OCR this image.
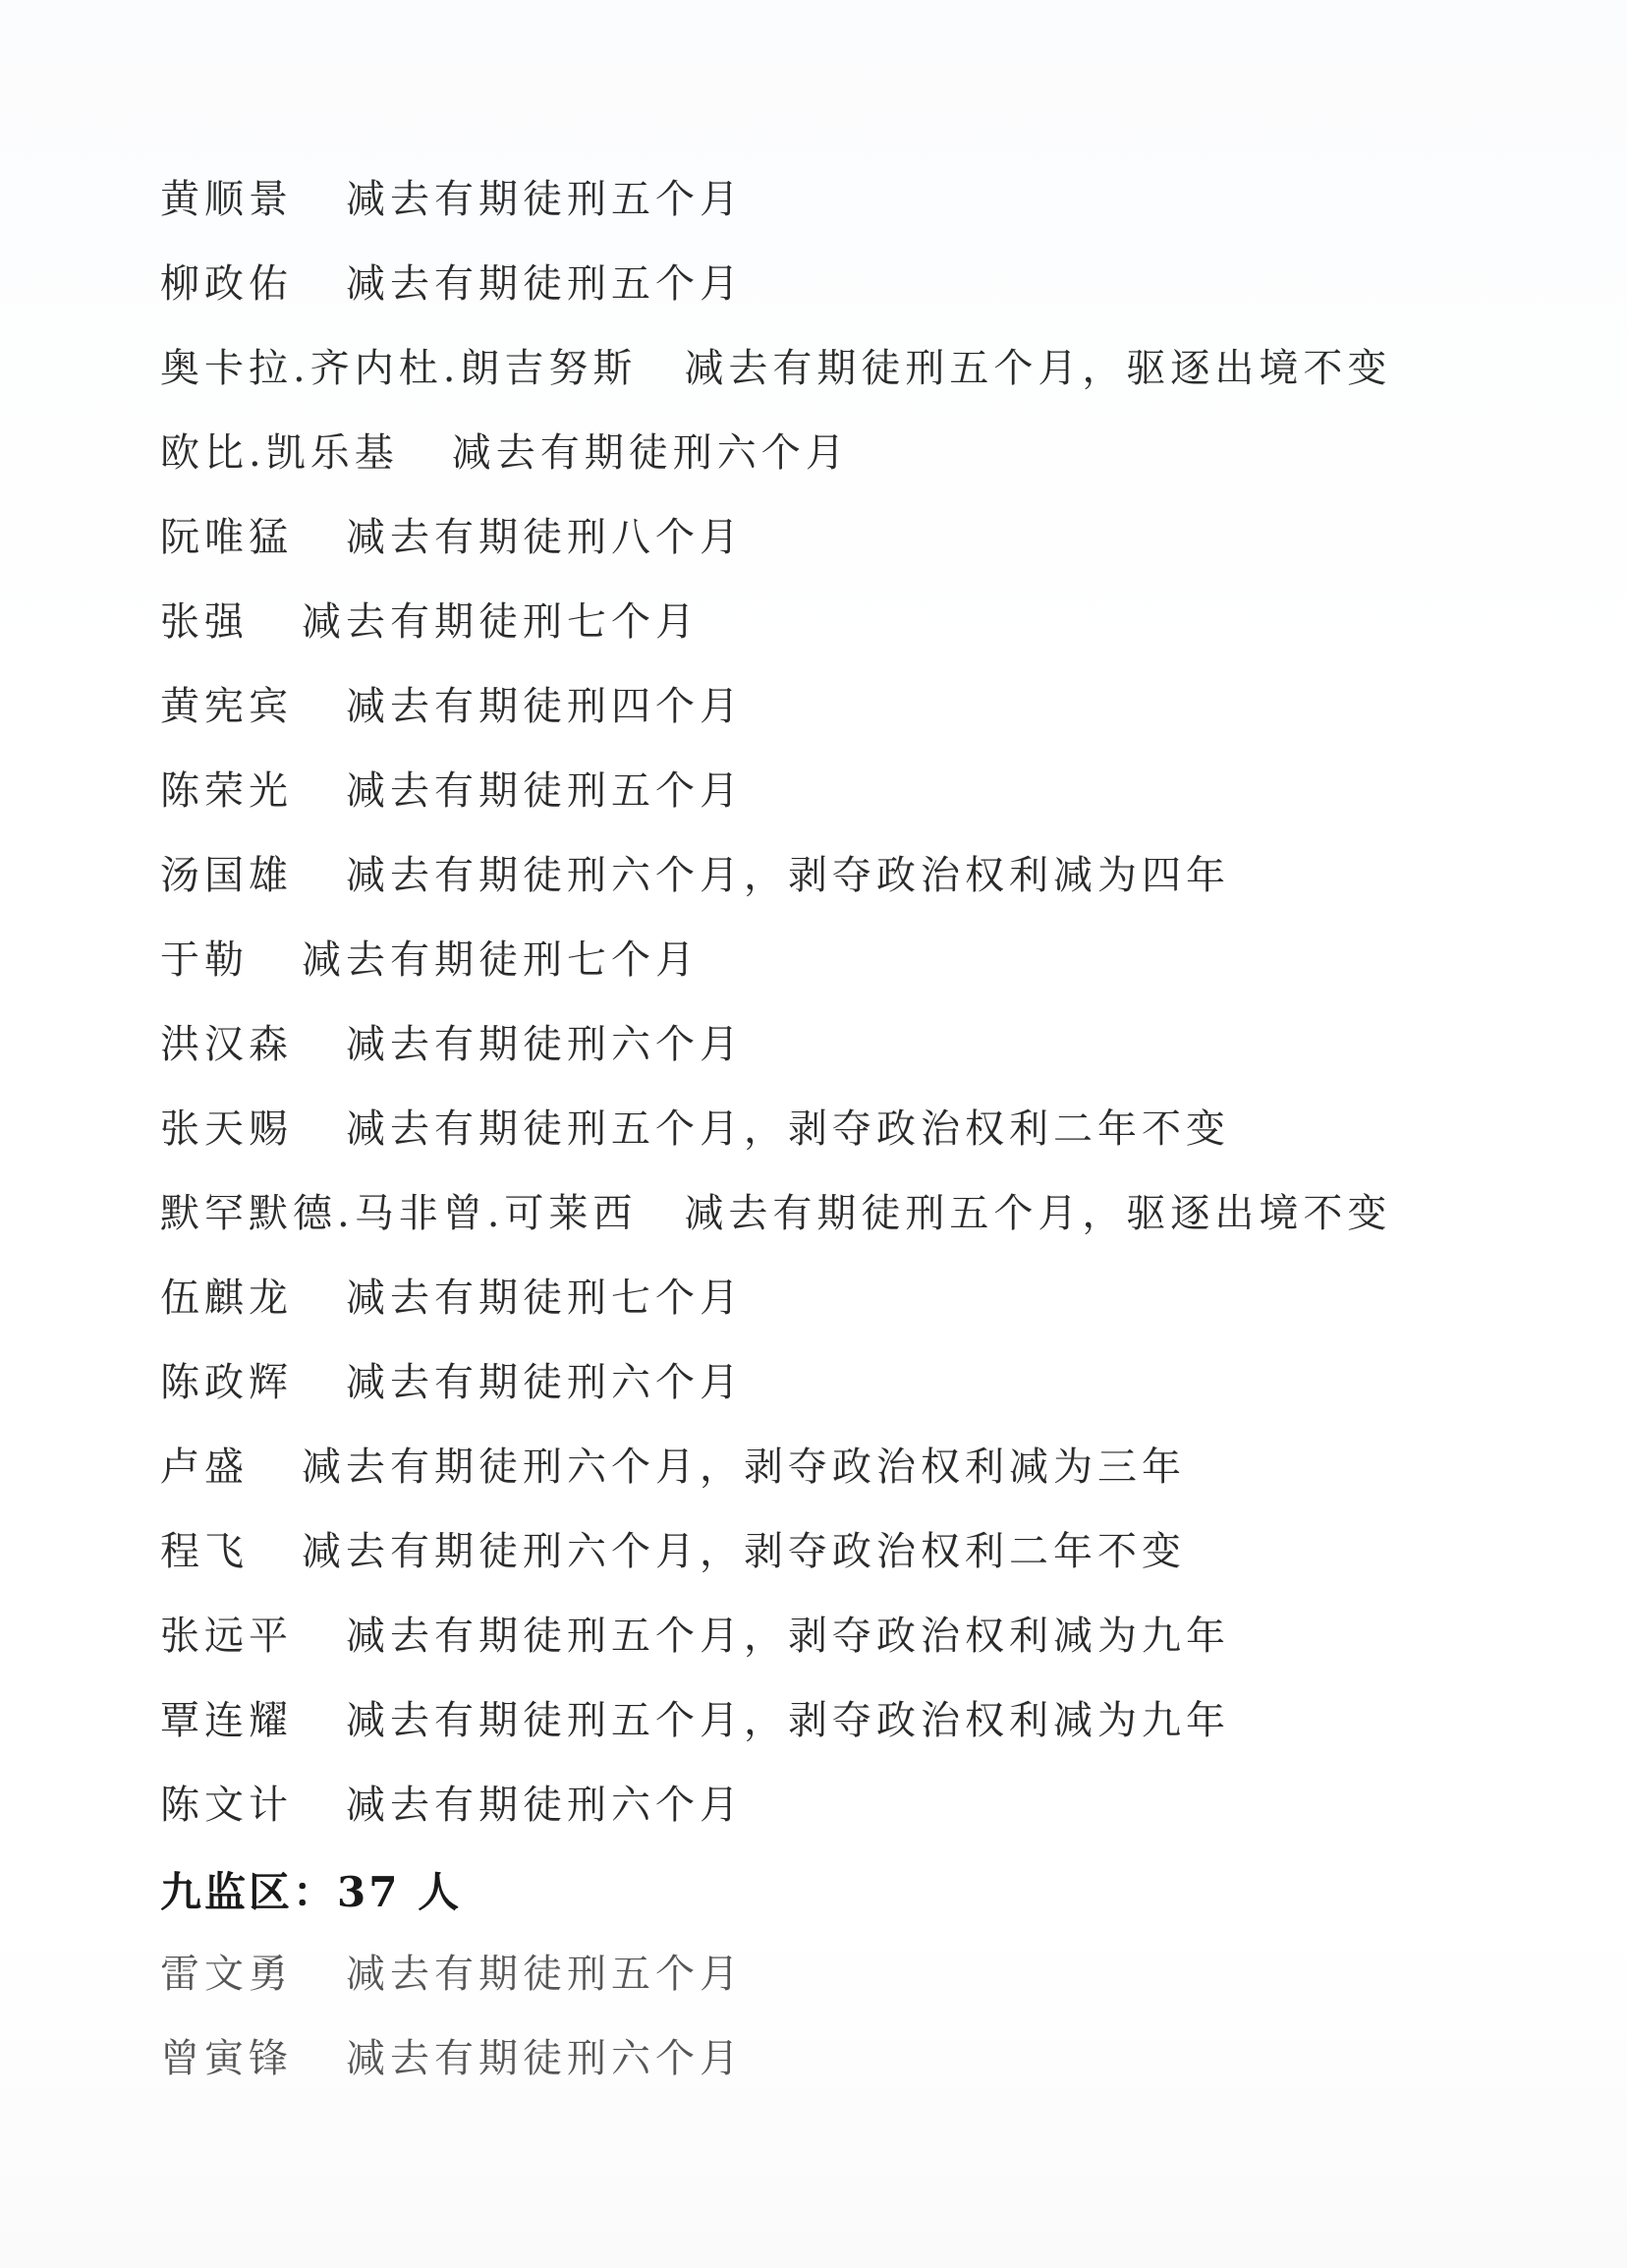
黄顺景 减去有期徒刑五个月
柳政佑 减去有期徒刑五个月
奥卡拉.齐内杜.朗吉努斯 减去有期徒刑五个月，驱逐出境不变
欧比.凯乐基 减去有期徒刑六个月
阮唯猛 减去有期徒刑八个月
张强 减去有期徒刑七个月
黄宪宾 减去有期徒刑四个月
陈荣光 减去有期徒刑五个月
汤国雄 减去有期徒刑六个月，剥夺政治权利减为四年
于勒 减去有期徒刑七个月
洪汉森 减去有期徒刑六个月
张天赐 减去有期徒刑五个月，剥夺政治权利二年不变
默罕默德.马非曾.可莱西 减去有期徒刑五个月，驱逐出境不变
伍麒龙 减去有期徒刑七个月
陈政辉 减去有期徒刑六个月
卢盛 减去有期徒刑六个月，剥夺政治权利减为三年
程飞 减去有期徒刑六个月，剥夺政治权利二年不变
张远平 减去有期徒刑五个月，剥夺政治权利减为九年
覃连耀 减去有期徒刑五个月，剥夺政治权利减为九年
陈文计 减去有期徒刑六个月
九监区：37 人
雷文勇 减去有期徒刑五个月
曾寅锋 减去有期徒刑六个月
